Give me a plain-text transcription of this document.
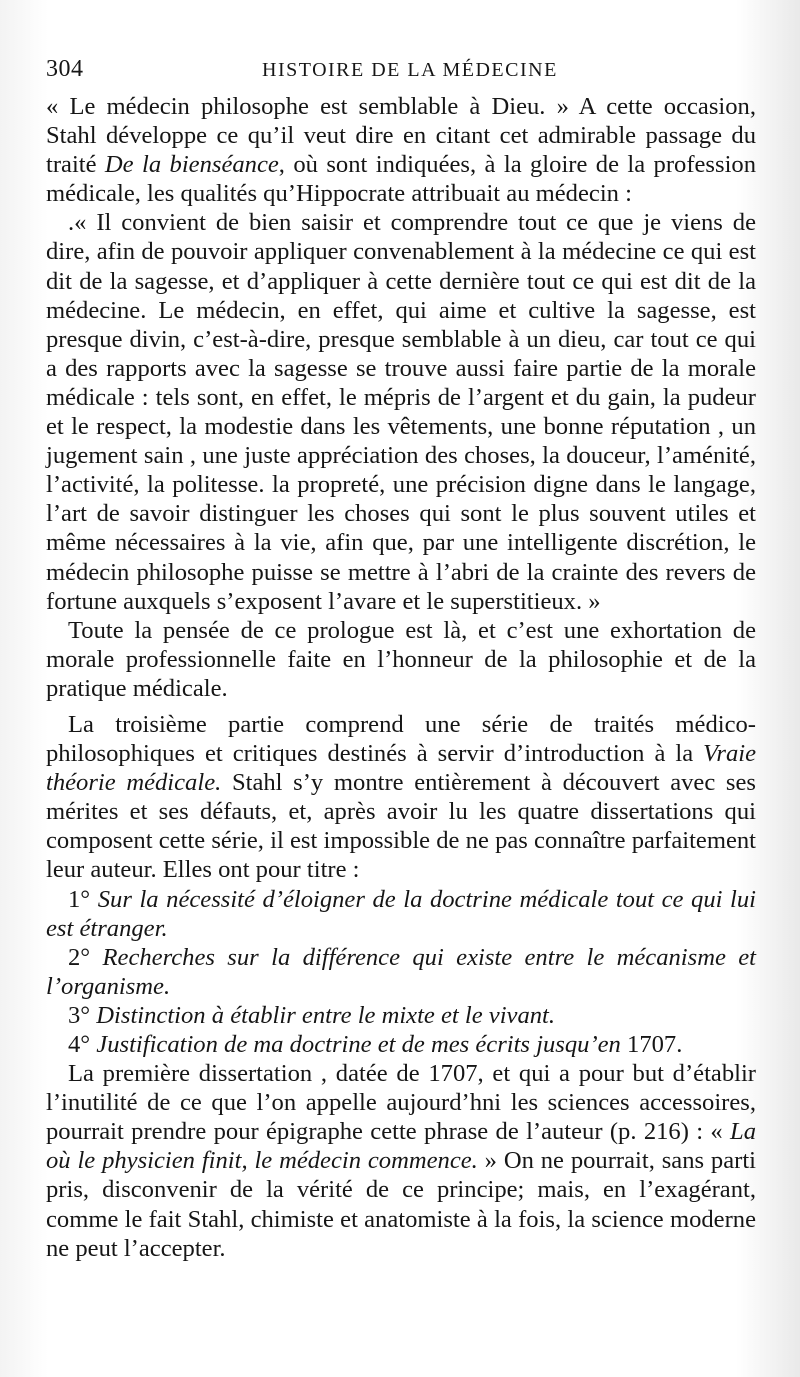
304	HISTOIRE DE LA MÉDECINE

« Le médecin philosophe est semblable à Dieu. » A cette occasion, Stahl développe ce qu’il veut dire en citant cet admirable passage du traité De la bienséance, où sont indiquées, à la gloire de la profession médicale, les qualités qu’Hippocrate attribuait au médecin :

.« Il convient de bien saisir et comprendre tout ce que je viens de dire, afin de pouvoir appliquer convenablement à la médecine ce qui est dit de la sagesse, et d’appliquer à cette dernière tout ce qui est dit de la médecine. Le médecin, en effet, qui aime et cultive la sagesse, est presque divin, c’est-à-dire, presque semblable à un dieu, car tout ce qui a des rapports avec la sagesse se trouve aussi faire partie de la morale médicale : tels sont, en effet, le mépris de l’argent et du gain, la pudeur et le respect, la modestie dans les vêtements, une bonne réputation , un jugement sain , une juste appréciation des choses, la douceur, l’aménité, l’activité, la politesse. la propreté, une précision digne dans le langage, l’art de savoir distinguer les choses qui sont le plus souvent utiles et même nécessaires à la vie, afin que, par une intelligente discrétion, le médecin philosophe puisse se mettre à l’abri de la crainte des revers de fortune auxquels s’exposent l’avare et le superstitieux. »

Toute la pensée de ce prologue est là, et c’est une exhortation de morale professionnelle faite en l’honneur de la philosophie et de la pratique médicale.

La troisième partie comprend une série de traités médico-philosophiques et critiques destinés à servir d’introduction à la Vraie théorie médicale. Stahl s’y montre entièrement à découvert avec ses mérites et ses défauts, et, après avoir lu les quatre dissertations qui composent cette série, il est impossible de ne pas connaître parfaitement leur auteur. Elles ont pour titre :

1° Sur la nécessité d’éloigner de la doctrine médicale tout ce qui lui est étranger.

2° Recherches sur la différence qui existe entre le mécanisme et l’organisme.

3° Distinction à établir entre le mixte et le vivant.

4° Justification de ma doctrine et de mes écrits jusqu’en 1707.

La première dissertation , datée de 1707, et qui a pour but d’établir l’inutilité de ce que l’on appelle aujourd’hni les sciences accessoires, pourrait prendre pour épigraphe cette phrase de l’auteur (p. 216) : « La où le physicien finit, le médecin commence. » On ne pourrait, sans parti pris, disconvenir de la vérité de ce principe; mais, en l’exagérant, comme le fait Stahl, chimiste et anatomiste à la fois, la science moderne ne peut l’accepter.
